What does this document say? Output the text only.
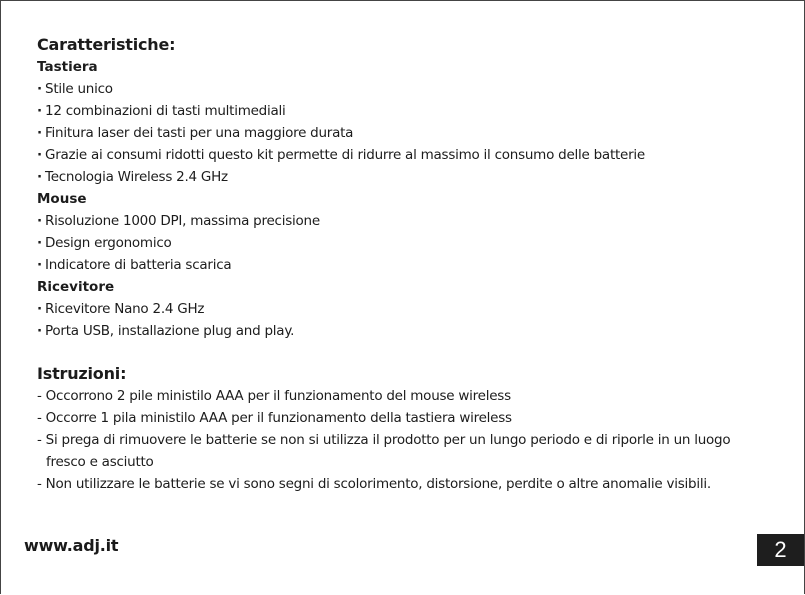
Caratteristiche:
Tastiera
· Stile unico
· 12 combinazioni di tasti multimediali
· Finitura laser dei tasti per una maggiore durata
· Grazie ai consumi ridotti questo kit permette di ridurre al massimo il consumo delle batterie
· Tecnologia Wireless 2.4 GHz
Mouse
· Risoluzione 1000 DPI, massima precisione
· Design ergonomico
· Indicatore di batteria scarica
Ricevitore
· Ricevitore Nano 2.4 GHz
· Porta USB, installazione plug and play.
Istruzioni:
- Occorrono 2 pile ministilo AAA per il funzionamento del mouse wireless
- Occorre 1 pila ministilo AAA per il funzionamento della tastiera wireless
- Si prega di rimuovere le batterie se non si utilizza il prodotto per un lungo periodo e di riporle in un luogo fresco e asciutto
- Non utilizzare le batterie se vi sono segni di scolorimento, distorsione, perdite o altre anomalie visibili.
www.adj.it	2
